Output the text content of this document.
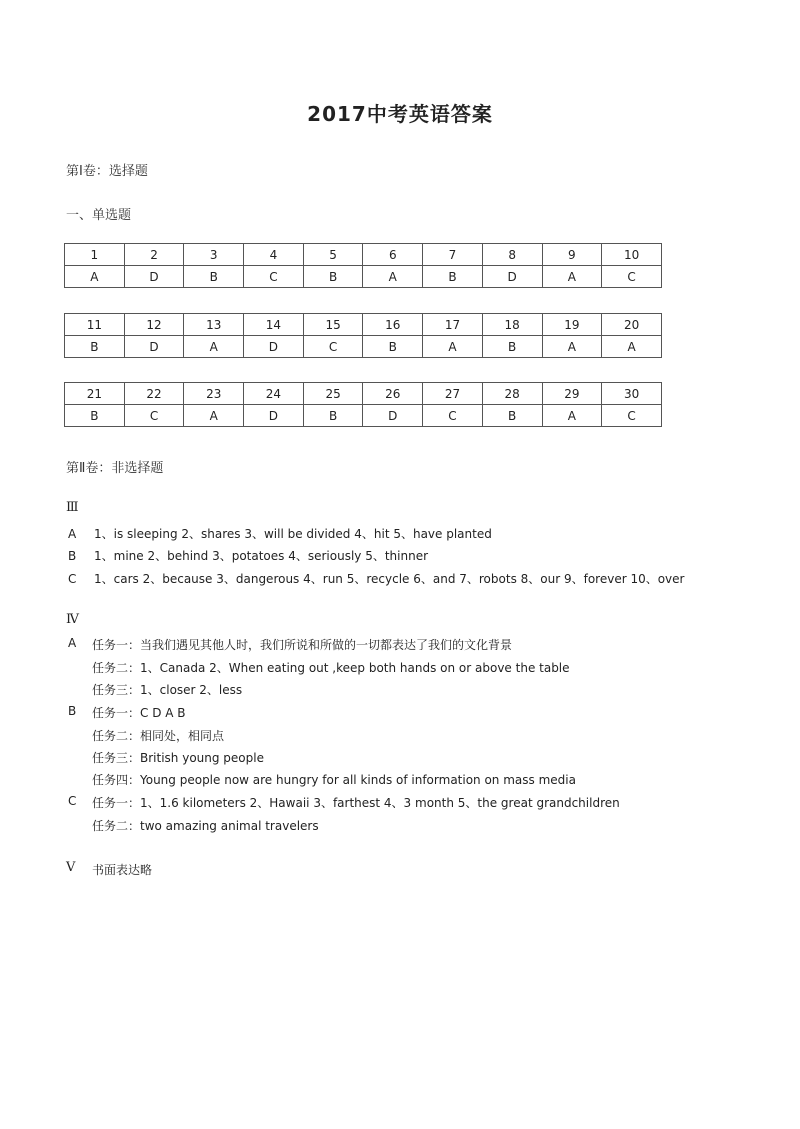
2017中考英语答案
第Ⅰ卷：选择题
一、单选题
1	2	3	4	5	6	7	8	9	10
A	D	B	C	B	A	B	D	A	C
11	12	13	14	15	16	17	18	19	20
B	D	A	D	C	B	A	B	A	A
21	22	23	24	25	26	27	28	29	30
B	C	A	D	B	D	C	B	A	C
第Ⅱ卷：非选择题
Ⅲ
A 1、is sleeping 2、shares 3、will be divided 4、hit 5、have planted
B 1、mine 2、behind 3、potatoes 4、seriously 5、thinner
C 1、cars 2、because 3、dangerous 4、run 5、recycle 6、and 7、robots 8、our 9、forever 10、over
Ⅳ
A 任务一：当我们遇见其他人时，我们所说和所做的一切都表达了我们的文化背景
任务二：1、Canada 2、When eating out ,keep both hands on or above the table
任务三：1、closer 2、less
B 任务一：C D A B
任务二：相同处，相同点
任务三：British young people
任务四：Young people now are hungry for all kinds of information on mass media
C 任务一：1、1.6 kilometers 2、Hawaii 3、farthest 4、3 month 5、the great grandchildren
任务二：two amazing animal travelers
Ⅴ 书面表达略
